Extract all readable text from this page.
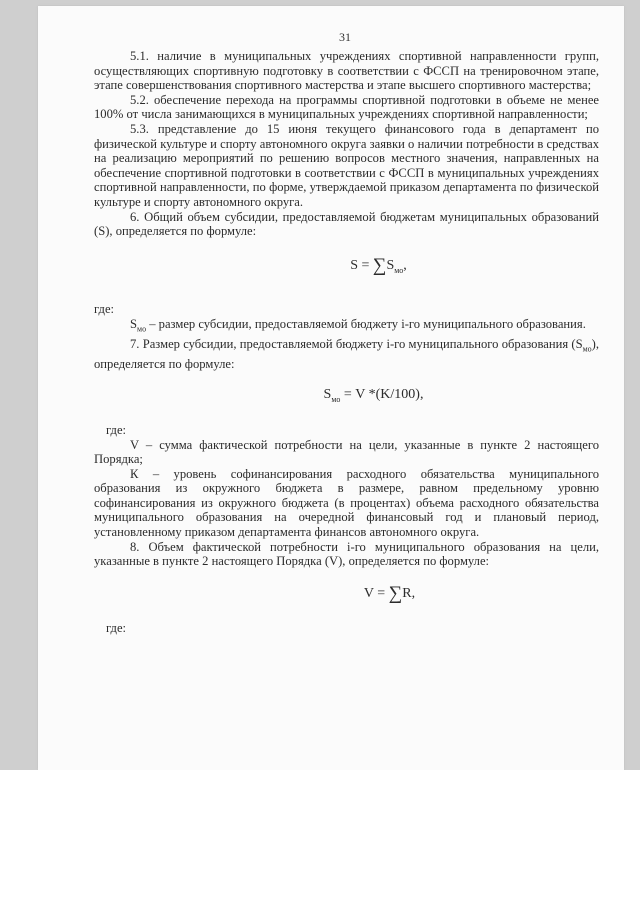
31

5.1. наличие в муниципальных учреждениях спортивной направленности групп, осуществляющих спортивную подготовку в соответствии с ФССП на тренировочном этапе, этапе совершенствования спортивного мастерства и этапе высшего спортивного мастерства;

5.2. обеспечение перехода на программы спортивной подготовки в объеме не менее 100% от числа занимающихся в муниципальных учреждениях спортивной направленности;

5.3. представление до 15 июня текущего финансового года в департамент по физической культуре и спорту автономного округа заявки о наличии потребности в средствах на реализацию мероприятий по решению вопросов местного значения, направленных на обеспечение спортивной подготовки в соответствии с ФССП в муниципальных учреждениях спортивной направленности, по форме, утверждаемой приказом департамента по физической культуре и спорту автономного округа.

6. Общий объем субсидии, предоставляемой бюджетам муниципальных образований (S), определяется по формуле:

$S = \sum S_{мо}$,

где:

$S_{мо}$ – размер субсидии, предоставляемой бюджету i-го муниципального образования.

7. Размер субсидии, предоставляемой бюджету i-го муниципального образования $(S_{мо})$, определяется по формуле:

$S_{мо} = V$ *(K/100),

где:

V – сумма фактической потребности на цели, указанные в пункте 2 настоящего Порядка;

К – уровень софинансирования расходного обязательства муниципального образования из окружного бюджета в размере, равном предельному уровню софинансирования из окружного бюджета (в процентах) объема расходного обязательства муниципального образования на очередной финансовый год и плановый период, установленному приказом департамента финансов автономного округа.

8. Объем фактической потребности i-го муниципального образования на цели, указанные в пункте 2 настоящего Порядка (V), определяется по формуле:

V = ∑R,

где:
